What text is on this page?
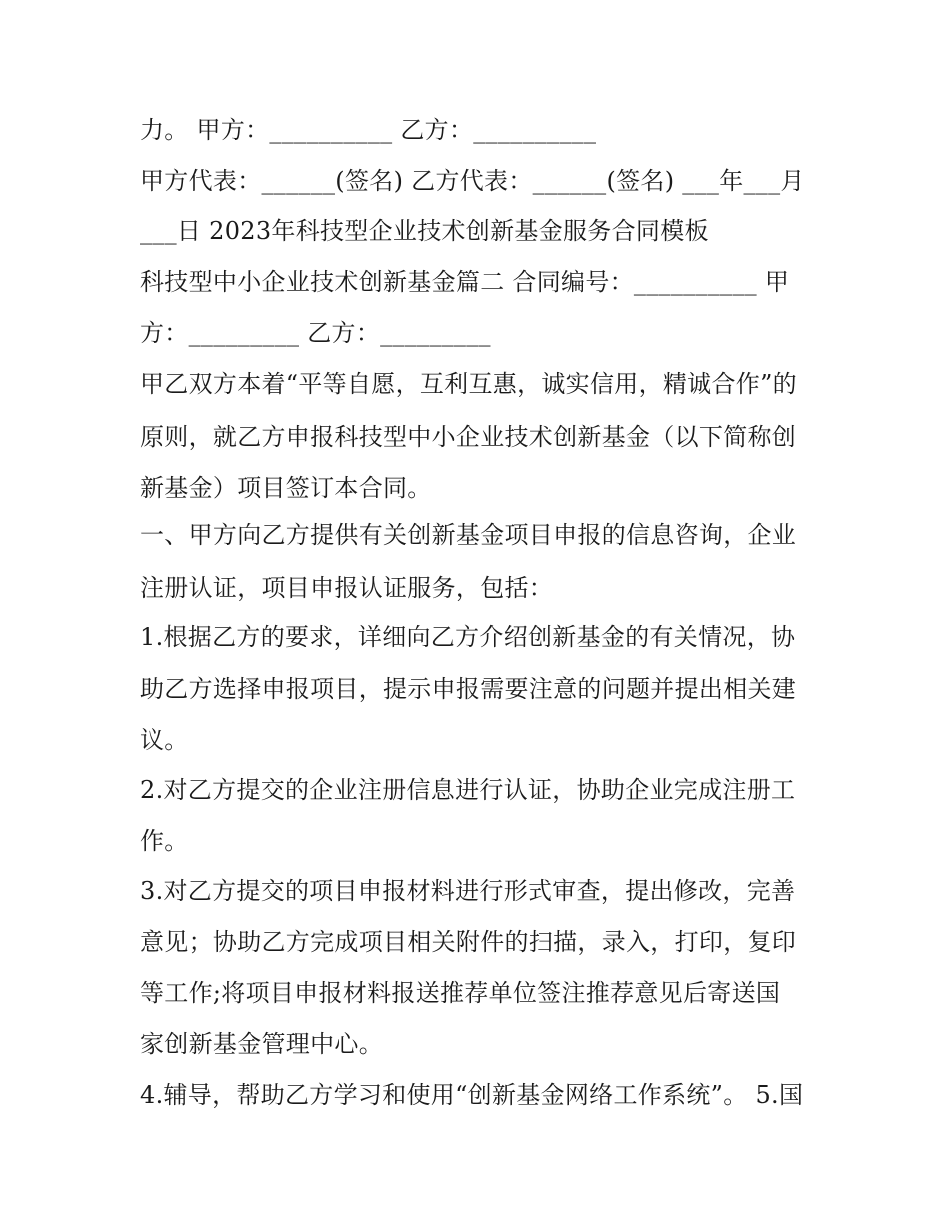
力。 甲方：__________ 乙方：__________
甲方代表：______(签名) 乙方代表：______(签名) ___年___月
___日 2023年科技型企业技术创新基金服务合同模板
科技型中小企业技术创新基金篇二 合同编号：__________ 甲
方：_________ 乙方：_________
甲乙双方本着“平等自愿，互利互惠，诚实信用，精诚合作”的
原则，就乙方申报科技型中小企业技术创新基金（以下简称创
新基金）项目签订本合同。
一、甲方向乙方提供有关创新基金项目申报的信息咨询，企业
注册认证，项目申报认证服务，包括：
1.根据乙方的要求，详细向乙方介绍创新基金的有关情况，协
助乙方选择申报项目，提示申报需要注意的问题并提出相关建
议。
2.对乙方提交的企业注册信息进行认证，协助企业完成注册工
作。
3.对乙方提交的项目申报材料进行形式审查，提出修改，完善
意见；协助乙方完成项目相关附件的扫描，录入，打印，复印
等工作;将项目申报材料报送推荐单位签注推荐意见后寄送国
家创新基金管理中心。
4.辅导，帮助乙方学习和使用“创新基金网络工作系统”。 5.国
